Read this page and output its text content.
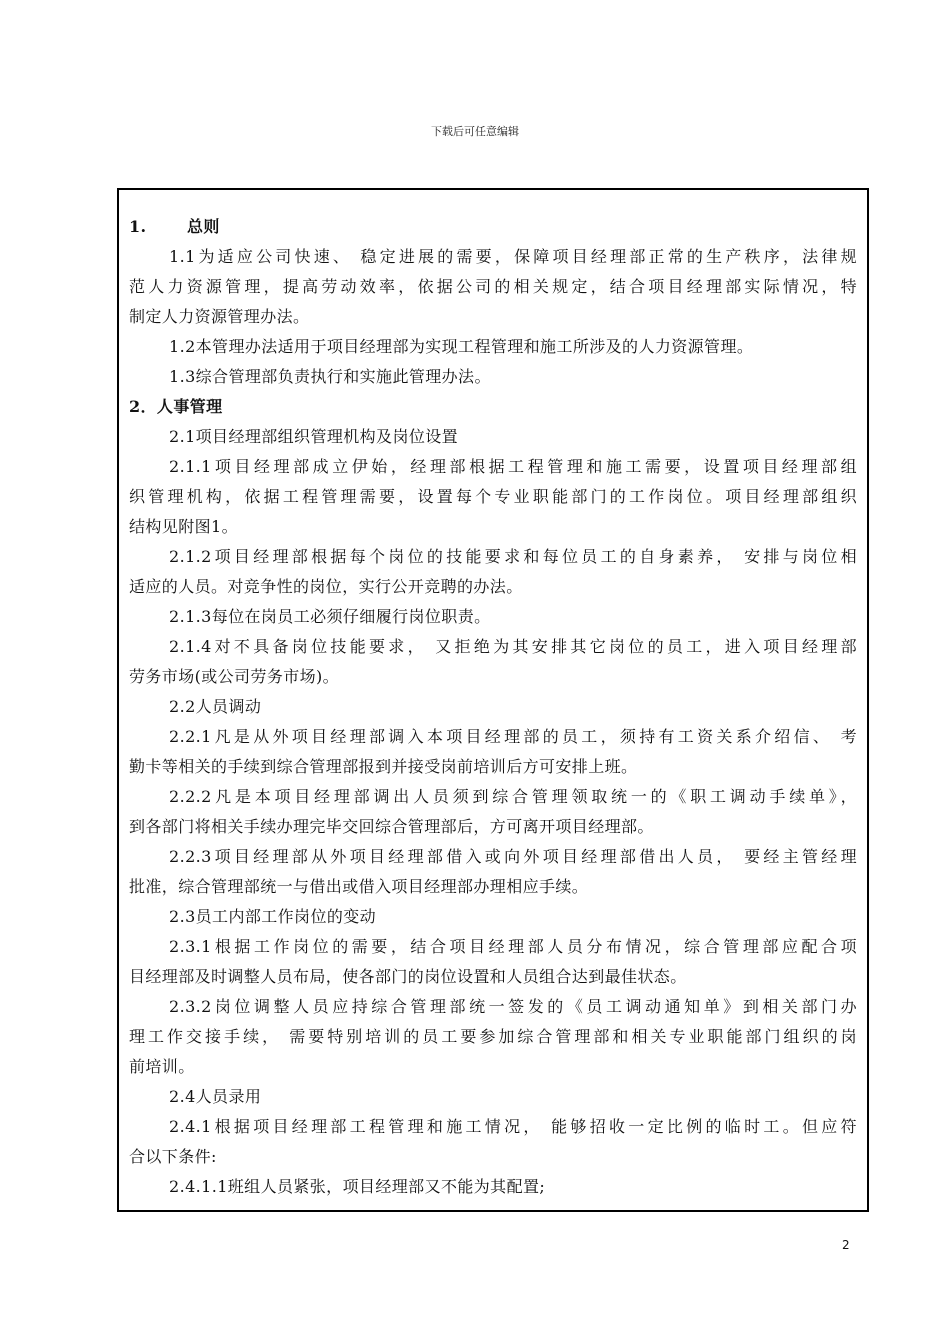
下载后可任意编辑
1.	总则
1.1为适应公司快速、 稳定进展的需要，保障项目经理部正常的生产秩序，法律规
范人力资源管理，提高劳动效率，依据公司的相关规定，结合项目经理部实际情况，特
制定人力资源管理办法。
1.2本管理办法适用于项目经理部为实现工程管理和施工所涉及的人力资源管理。
1.3综合管理部负责执行和实施此管理办法。
2．人事管理
2.1项目经理部组织管理机构及岗位设置
2.1.1项目经理部成立伊始，经理部根据工程管理和施工需要，设置项目经理部组
织管理机构，依据工程管理需要，设置每个专业职能部门的工作岗位。项目经理部组织
结构见附图1。
2.1.2项目经理部根据每个岗位的技能要求和每位员工的自身素养， 安排与岗位相
适应的人员。对竞争性的岗位，实行公开竞聘的办法。
2.1.3每位在岗员工必须仔细履行岗位职责。
2.1.4对不具备岗位技能要求， 又拒绝为其安排其它岗位的员工，进入项目经理部
劳务市场(或公司劳务市场)。
2.2人员调动
2.2.1凡是从外项目经理部调入本项目经理部的员工，须持有工资关系介绍信、 考
勤卡等相关的手续到综合管理部报到并接受岗前培训后方可安排上班。
2.2.2凡是本项目经理部调出人员须到综合管理领取统一的《职工调动手续单》，
到各部门将相关手续办理完毕交回综合管理部后，方可离开项目经理部。
2.2.3项目经理部从外项目经理部借入或向外项目经理部借出人员， 要经主管经理
批准，综合管理部统一与借出或借入项目经理部办理相应手续。
2.3员工内部工作岗位的变动
2.3.1根据工作岗位的需要，结合项目经理部人员分布情况，综合管理部应配合项
目经理部及时调整人员布局，使各部门的岗位设置和人员组合达到最佳状态。
2.3.2岗位调整人员应持综合管理部统一签发的《员工调动通知单》到相关部门办
理工作交接手续， 需要特别培训的员工要参加综合管理部和相关专业职能部门组织的岗
前培训。
2.4人员录用
2.4.1根据项目经理部工程管理和施工情况， 能够招收一定比例的临时工。但应符
合以下条件:
2.4.1.1班组人员紧张，项目经理部又不能为其配置;
2
